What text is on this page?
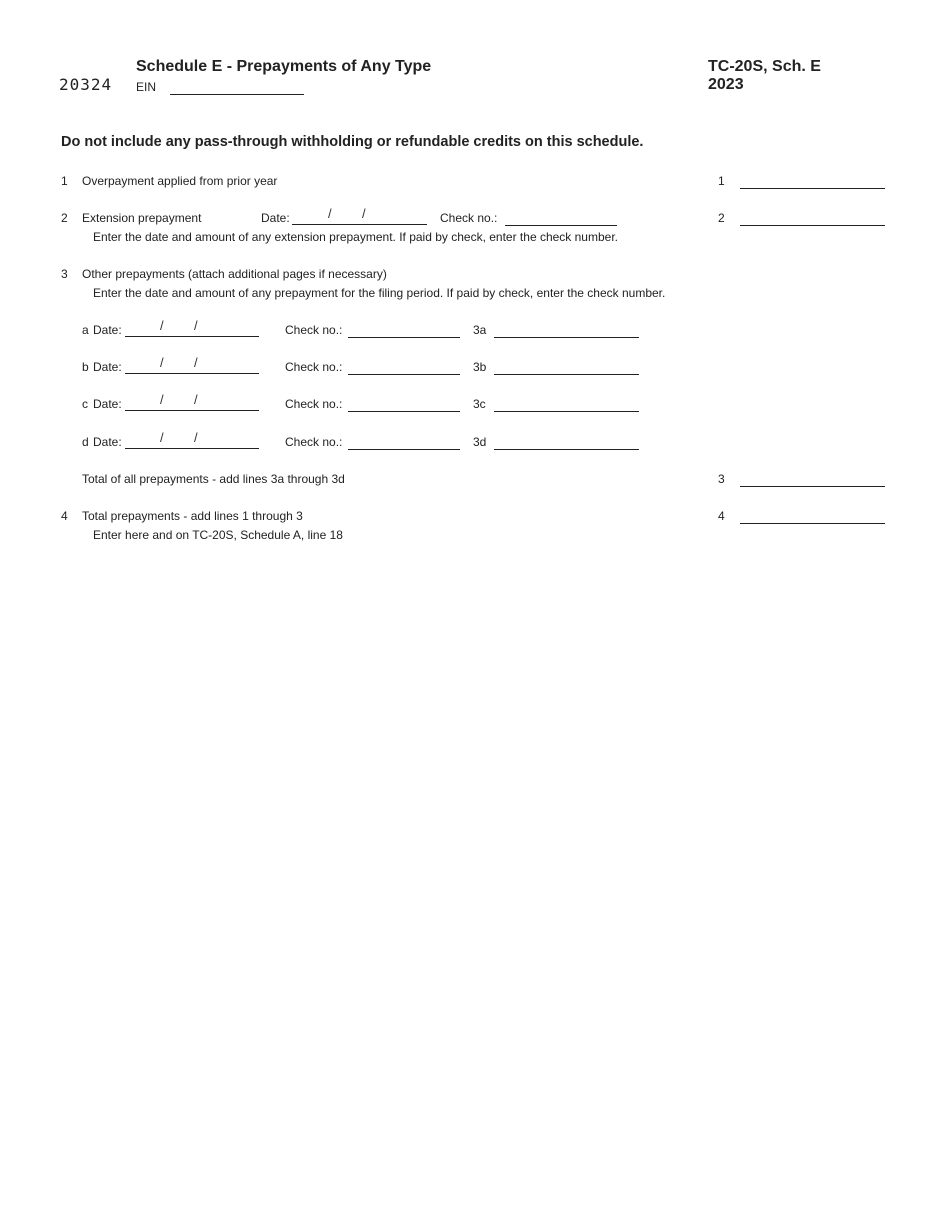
20324
Schedule E - Prepayments of Any Type
EIN
TC-20S, Sch. E
2023
Do not include any pass-through withholding or refundable credits on this schedule.
1 Overpayment applied from prior year	1
2 Extension prepayment	Date:	/ /	Check no.:	2
Enter the date and amount of any extension prepayment. If paid by check, enter the check number.
3 Other prepayments (attach additional pages if necessary)
Enter the date and amount of any prepayment for the filing period. If paid by check, enter the check number.
a Date:	/ /	Check no.:	3a
b Date:	/ /	Check no.:	3b
c Date:	/ /	Check no.:	3c
d Date:	/ /	Check no.:	3d
Total of all prepayments - add lines 3a through 3d	3
4 Total prepayments - add lines 1 through 3	4
Enter here and on TC-20S, Schedule A, line 18
